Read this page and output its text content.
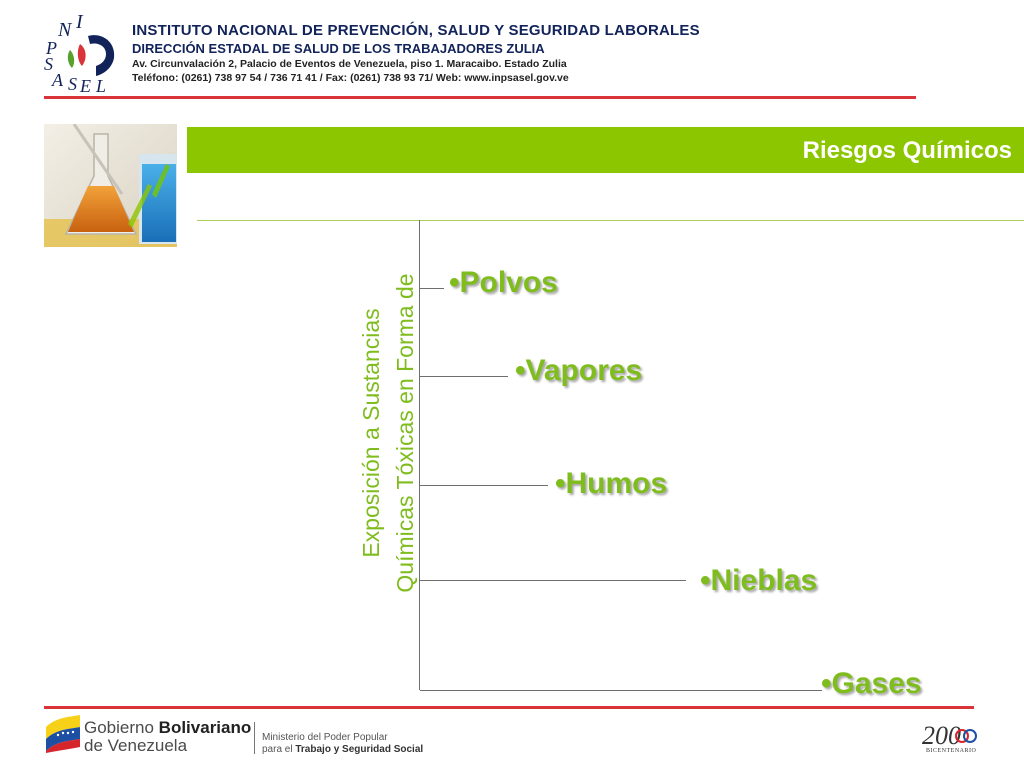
N I
P
S
A S E L
INSTITUTO NACIONAL DE PREVENCIÓN, SALUD Y SEGURIDAD LABORALES
DIRECCIÓN ESTADAL DE SALUD DE LOS TRABAJADORES ZULIA
Av. Circunvalación 2, Palacio de Eventos de Venezuela, piso 1. Maracaibo. Estado Zulia
Teléfono: (0261) 738 97 54 / 736 71 41 / Fax: (0261) 738 93 71/ Web: www.inpsasel.gov.ve
Riesgos Químicos
Exposición a Sustancias Químicas Tóxicas en Forma de •Polvos
•Vapores
•Humos
•Nieblas
•Gases
Gobierno Bolivariano
de Venezuela	Ministerio del Poder Popular
para el Trabajo y Seguridad Social	200
BICENTENARIO
